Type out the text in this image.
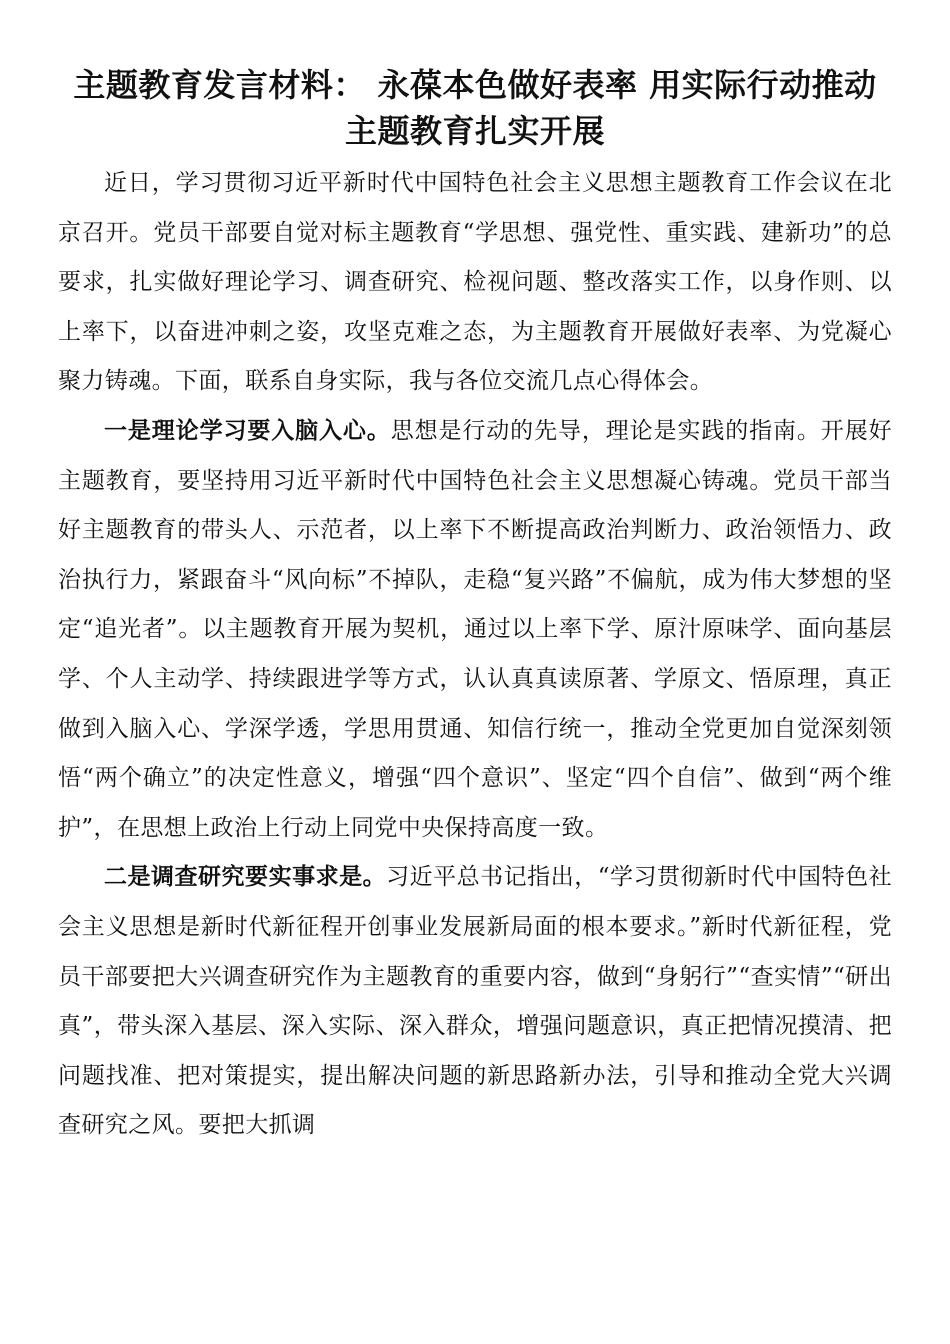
主题教育发言材料： 永葆本色做好表率 用实际行动推动主题教育扎实开展

近日，学习贯彻习近平新时代中国特色社会主义思想主题教育工作会议在北京召开。党员干部要自觉对标主题教育“学思想、强党性、重实践、建新功”的总要求，扎实做好理论学习、调查研究、检视问题、整改落实工作，以身作则、以上率下，以奋进冲刺之姿，攻坚克难之态，为主题教育开展做好表率、为党凝心聚力铸魂。下面，联系自身实际，我与各位交流几点心得体会。

一是理论学习要入脑入心。思想是行动的先导，理论是实践的指南。开展好主题教育，要坚持用习近平新时代中国特色社会主义思想凝心铸魂。党员干部当好主题教育的带头人、示范者，以上率下不断提高政治判断力、政治领悟力、政治执行力，紧跟奋斗“风向标”不掉队，走稳“复兴路”不偏航，成为伟大梦想的坚定“追光者”。以主题教育开展为契机，通过以上率下学、原汁原味学、面向基层学、个人主动学、持续跟进学等方式，认认真真读原著、学原文、悟原理，真正做到入脑入心、学深学透，学思用贯通、知信行统一，推动全党更加自觉深刻领悟“两个确立”的决定性意义，增强“四个意识”、坚定“四个自信”、做到“两个维护”，在思想上政治上行动上同党中央保持高度一致。

二是调查研究要实事求是。习近平总书记指出，“学习贯彻新时代中国特色社会主义思想是新时代新征程开创事业发展新局面的根本要求。”新时代新征程，党员干部要把大兴调查研究作为主题教育的重要内容，做到“身躬行”“查实情”“研出真”，带头深入基层、深入实际、深入群众，增强问题意识，真正把情况摸清、把问题找准、把对策提实，提出解决问题的新思路新办法，引导和推动全党大兴调查研究之风。要把大抓调
